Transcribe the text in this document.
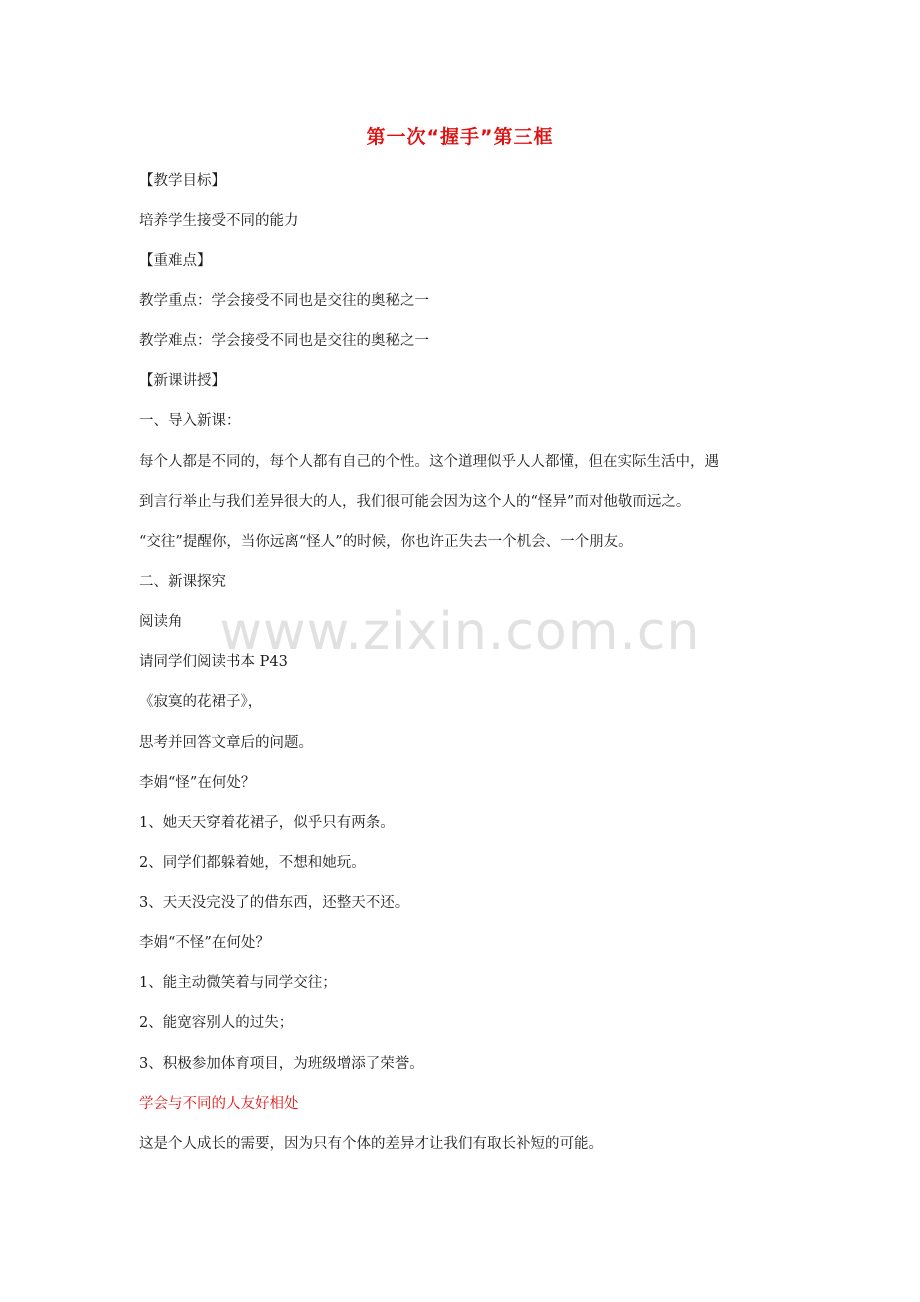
第一次“握手”第三框
【教学目标】
培养学生接受不同的能力
【重难点】
教学重点：学会接受不同也是交往的奥秘之一
教学难点：学会接受不同也是交往的奥秘之一
【新课讲授】
一、导入新课：
每个人都是不同的，每个人都有自己的个性。这个道理似乎人人都懂，但在实际生活中，遇
到言行举止与我们差异很大的人，我们很可能会因为这个人的“怪异”而对他敬而远之。
“交往”提醒你，当你远离“怪人”的时候，你也许正失去一个机会、一个朋友。
二、新课探究
阅读角
请同学们阅读书本 P43
《寂寞的花裙子》，
思考并回答文章后的问题。
李娟“怪”在何处？
1、她天天穿着花裙子，似乎只有两条。
2、同学们都躲着她，不想和她玩。
3、天天没完没了的借东西，还整天不还。
李娟“不怪”在何处？
1、能主动微笑着与同学交往；
2、能宽容别人的过失；
3、积极参加体育项目，为班级增添了荣誉。
学会与不同的人友好相处
这是个人成长的需要，因为只有个体的差异才让我们有取长补短的可能。
www.zixin.com.cn
